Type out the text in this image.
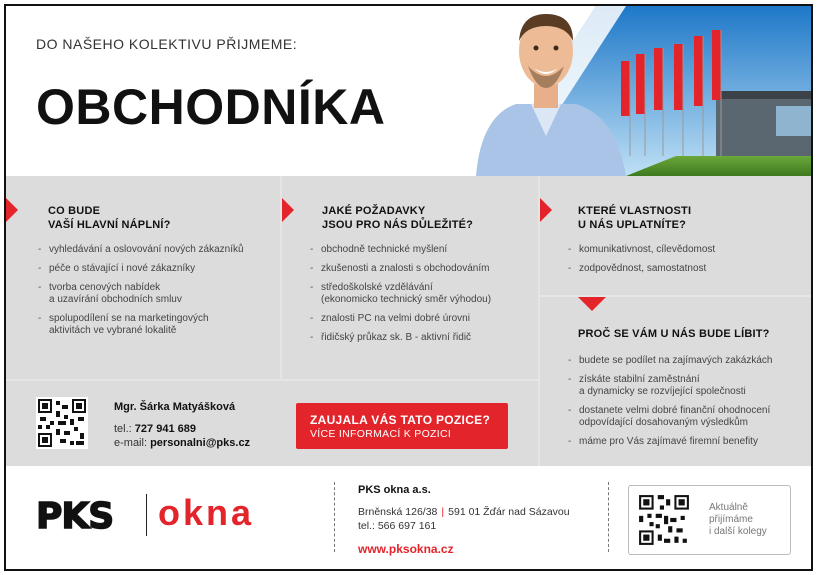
DO NAŠEHO KOLEKTIVU PŘIJMEME:
OBCHODNÍKA
CO BUDE
VAŠÍ HLAVNÍ NÁPLNÍ?
- vyhledávání a oslovování nových zákazníků
- péče o stávající i nové zákazníky
- tvorba cenových nabídek
a uzavírání obchodních smluv
- spolupodílení se na marketingových
aktivitách ve vybrané lokalitě
JAKÉ POŽADAVKY
JSOU PRO NÁS DŮLEŽITÉ?
- obchodně technické myšlení
- zkušenosti a znalosti s obchodováním
- středoškolské vzdělávání
(ekonomicko technický směr výhodou)
- znalosti PC na velmi dobré úrovni
- řidičský průkaz sk. B - aktivní řidič
KTERÉ VLASTNOSTI
U NÁS UPLATNÍTE?
- komunikativnost, cílevědomost
- zodpovědnost, samostatnost
PROČ SE VÁM U NÁS BUDE LÍBIT?
- budete se podílet na zajímavých zakázkách
- získáte stabilní zaměstnání
a dynamicky se rozvíjející společnosti
- dostanete velmi dobré finanční ohodnocení
odpovídající dosahovaným výsledkům
- máme pro Vás zajímavé firemní benefity
Mgr. Šárka Matyášková
tel.: 727 941 689
e-mail: personalni@pks.cz
ZAUJALA VÁS TATO POZICE?
VÍCE INFORMACÍ K POZICI
PKS okna
PKS okna a.s.
Brněnská 126/38 | 591 01 Žďár nad Sázavou
tel.: 566 697 161
www.pksokna.cz
Aktuálně
přijímáme
i další kolegy
